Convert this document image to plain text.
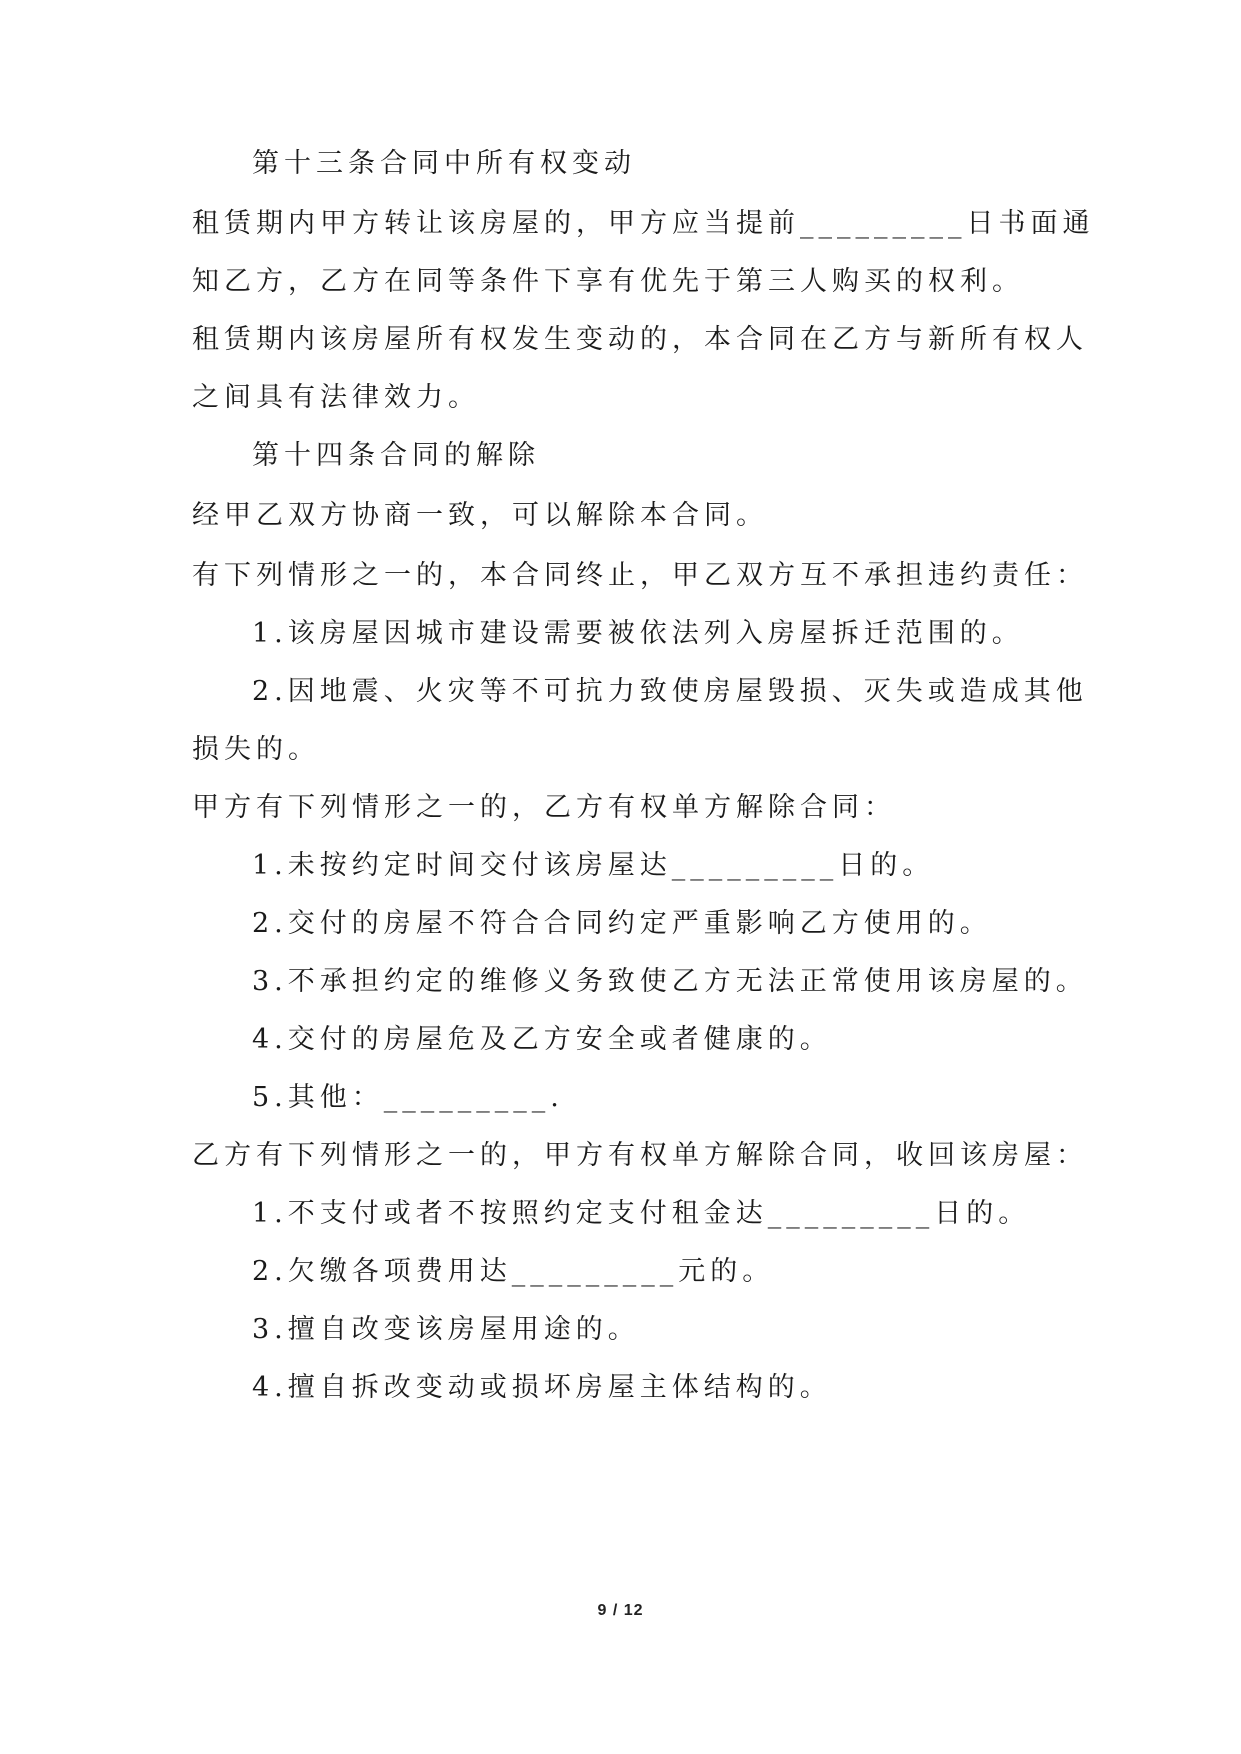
第十三条合同中所有权变动
租赁期内甲方转让该房屋的，甲方应当提前_________日书面通
知乙方，乙方在同等条件下享有优先于第三人购买的权利。
租赁期内该房屋所有权发生变动的，本合同在乙方与新所有权人
之间具有法律效力。
第十四条合同的解除
经甲乙双方协商一致，可以解除本合同。
有下列情形之一的，本合同终止，甲乙双方互不承担违约责任：
1.该房屋因城市建设需要被依法列入房屋拆迁范围的。
2.因地震、火灾等不可抗力致使房屋毁损、灭失或造成其他
损失的。
甲方有下列情形之一的，乙方有权单方解除合同：
1.未按约定时间交付该房屋达_________日的。
2.交付的房屋不符合合同约定严重影响乙方使用的。
3.不承担约定的维修义务致使乙方无法正常使用该房屋的。
4.交付的房屋危及乙方安全或者健康的。
5.其他：_________.
乙方有下列情形之一的，甲方有权单方解除合同，收回该房屋：
1.不支付或者不按照约定支付租金达_________日的。
2.欠缴各项费用达_________元的。
3.擅自改变该房屋用途的。
4.擅自拆改变动或损坏房屋主体结构的。
9 / 12
